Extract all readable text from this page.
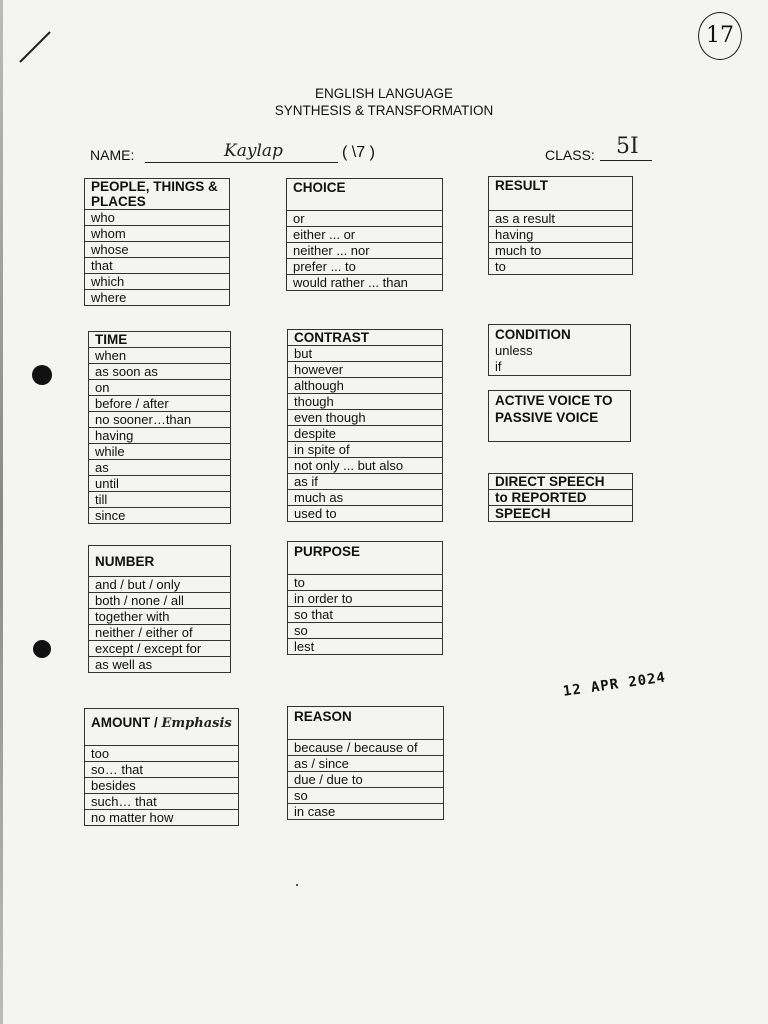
17
ENGLISH LANGUAGE
SYNTHESIS & TRANSFORMATION
NAME:	Kaylap	( \7 )	CLASS: 5I
PEOPLE, THINGS & PLACES
who
whom
whose
that
which
where
CHOICE
or
either ... or
neither ... nor
prefer ... to
would rather ... than
RESULT
as a result
having
much to
to
TIME
when
as soon as
on
before / after
no sooner…than
having
while
as
until
till
since
CONTRAST
but
however
although
though
even though
despite
in spite of
not only ... but also
as if
much as
used to
CONDITION
unless
if
ACTIVE VOICE TO PASSIVE VOICE
DIRECT SPEECH
to REPORTED
SPEECH
NUMBER
and / but / only
both / none / all
together with
neither / either of
except / except for
as well as
PURPOSE
to
in order to
so that
so
lest
AMOUNT / Emphasis
too
so… that
besides
such… that
no matter how
REASON
because / because of
as / since
due / due to
so
in case
12 APR 2024
